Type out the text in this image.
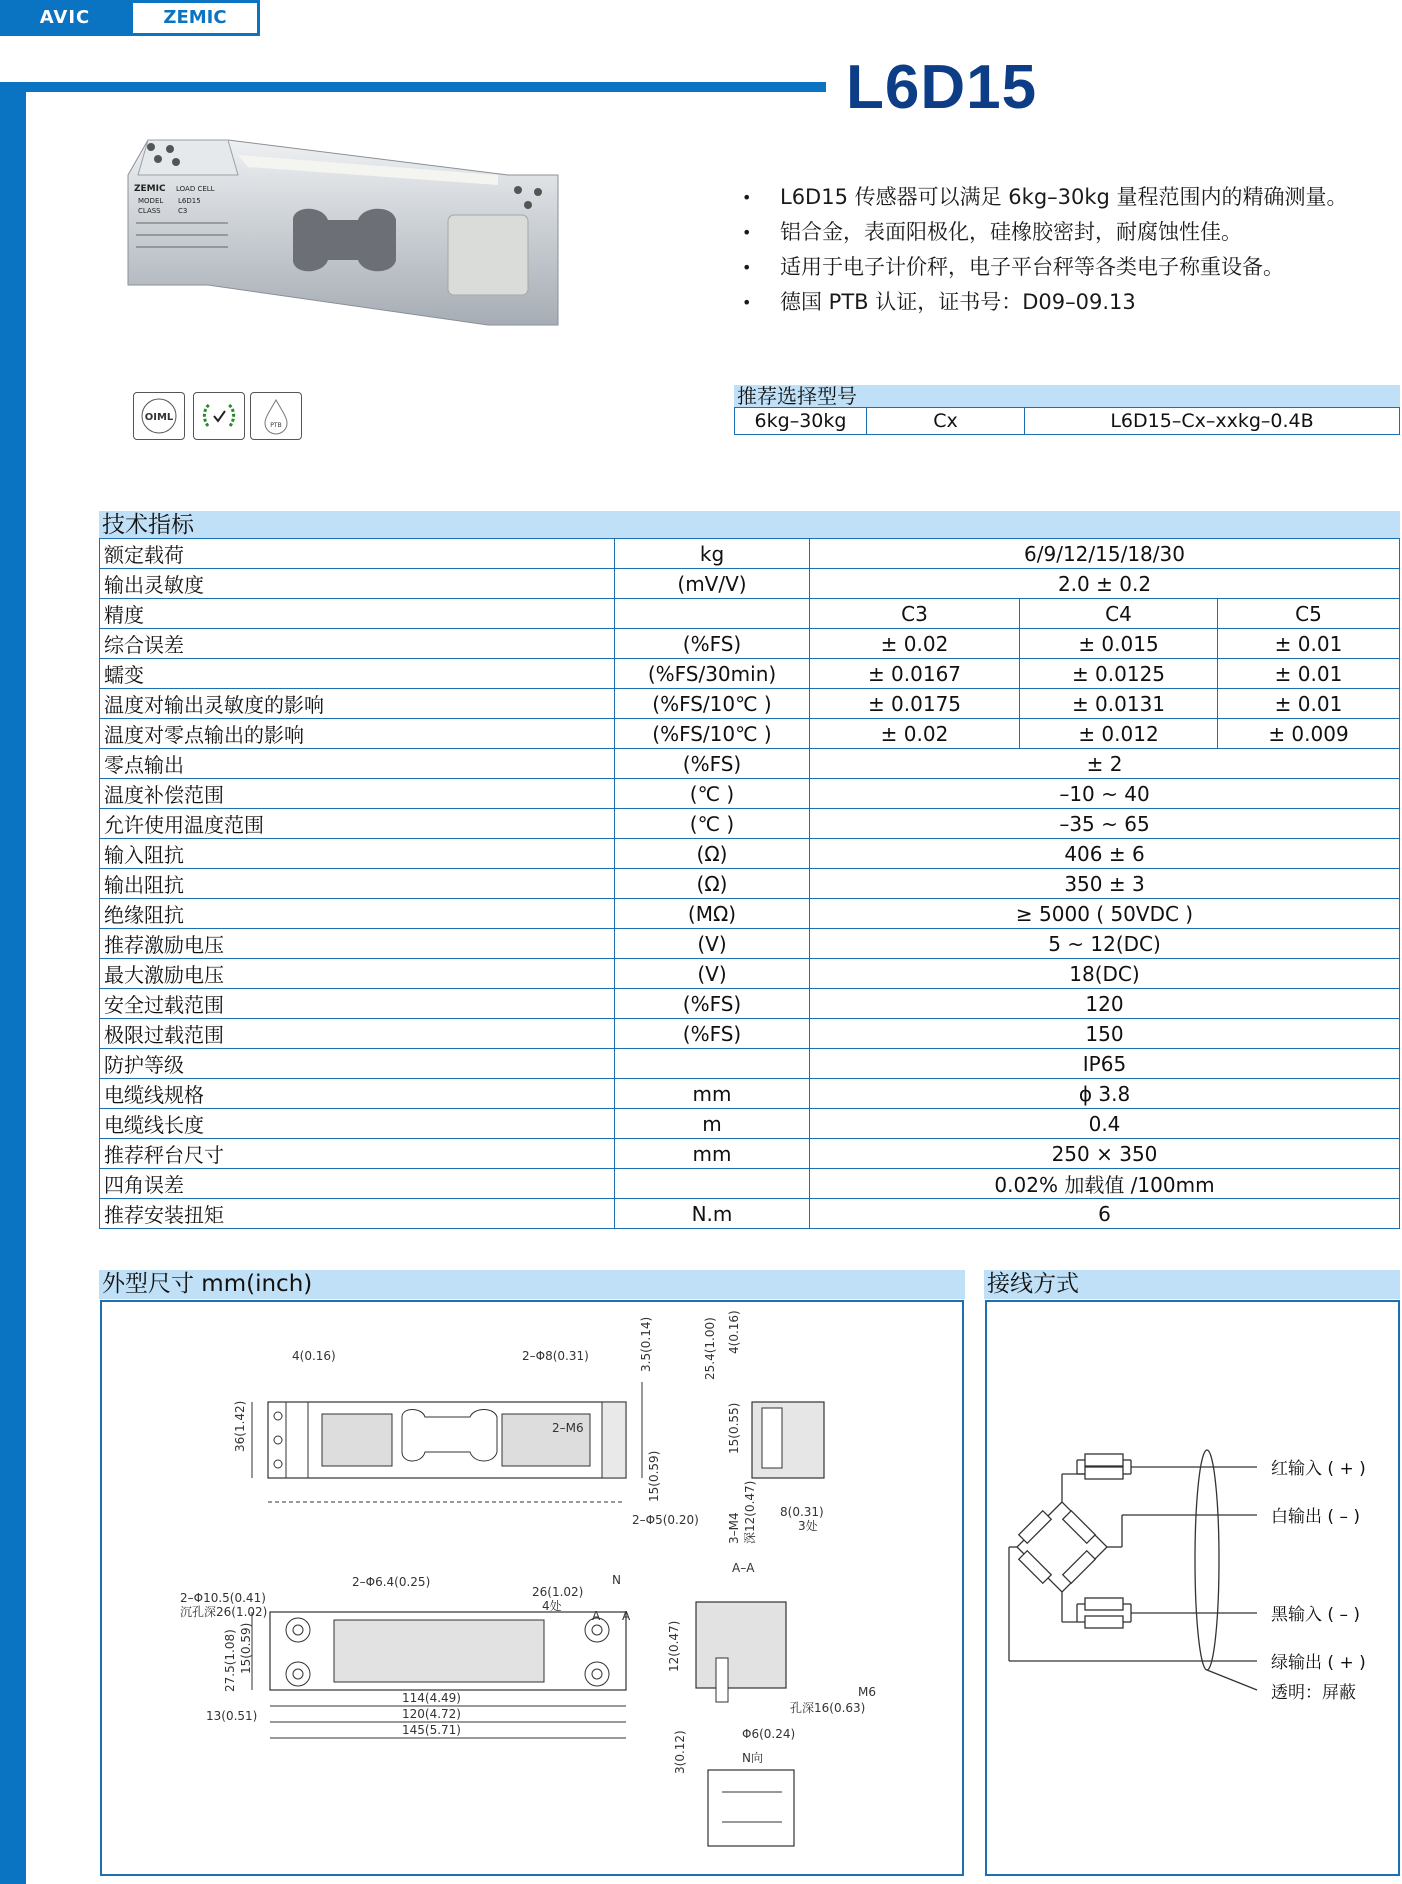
AVIC	ZEMIC
L6D15
ZEMIC LOAD CELL
MODEL L6D15
CLASS C3
OIML
PTB
• L6D15 传感器可以满足 6kg–30kg 量程范围内的精确测量。
• 铝合金，表面阳极化，硅橡胶密封，耐腐蚀性佳。
• 适用于电子计价秤，电子平台秤等各类电子称重设备。
• 德国 PTB 认证，证书号：D09–09.13
推荐选择型号
6kg–30kg	Cx	L6D15–Cx–xxkg–0.4B
技术指标
额定载荷	kg	6/9/12/15/18/30		
输出灵敏度	(mV/V)	2.0 ± 0.2		
精度		C3	C4	C5
综合误差	(%FS)	± 0.02	± 0.015	± 0.01
蠕变	(%FS/30min)	± 0.0167	± 0.0125	± 0.01
温度对输出灵敏度的影响	(%FS/10℃ )	± 0.0175	± 0.0131	± 0.01
温度对零点输出的影响	(%FS/10℃ )	± 0.02	± 0.012	± 0.009
零点输出	(%FS)	± 2		
温度补偿范围	(℃ )	–10 ~ 40		
允许使用温度范围	(℃ )	–35 ~ 65		
输入阻抗	(Ω)	406 ± 6		
输出阻抗	(Ω)	350 ± 3		
绝缘阻抗	(MΩ)	≥ 5000 ( 50VDC )		
推荐激励电压	(V)	5 ~ 12(DC)		
最大激励电压	(V)	18(DC)		
安全过载范围	(%FS)	120		
极限过载范围	(%FS)	150		
防护等级		IP65		
电缆线规格	mm	ϕ 3.8		
电缆线长度	m	0.4		
推荐秤台尺寸	mm	250 × 350		
四角误差		0.02% 加载值 /100mm		
推荐安装扭矩	N.m	6		
外型尺寸 mm(inch)
4(0.16)	2–Φ8(0.31)	3.5(0.14)
36(1.42)	2–M6
15(0.59)
2–Φ5(0.20)
25.4(1.00) 4(0.16)
15(0.55)
3–M4 深12(0.47) 8(0.31)
3处
2–Φ6.4(0.25)
2–Φ10.5(0.41)
沉孔深26(1.02)
26(1.02)
4处
N
27.5(1.08) 15(0.59)
114(4.49)
120(4.72)
145(5.71)
13(0.51)
A A
A–A
12(0.47)
M6
孔深16(0.63)
Φ6(0.24)
3(0.12)	N向
接线方式
红输入 ( + )
白输出 ( – )
黑输入 ( – )
绿输出 ( + )
透明：屏蔽
